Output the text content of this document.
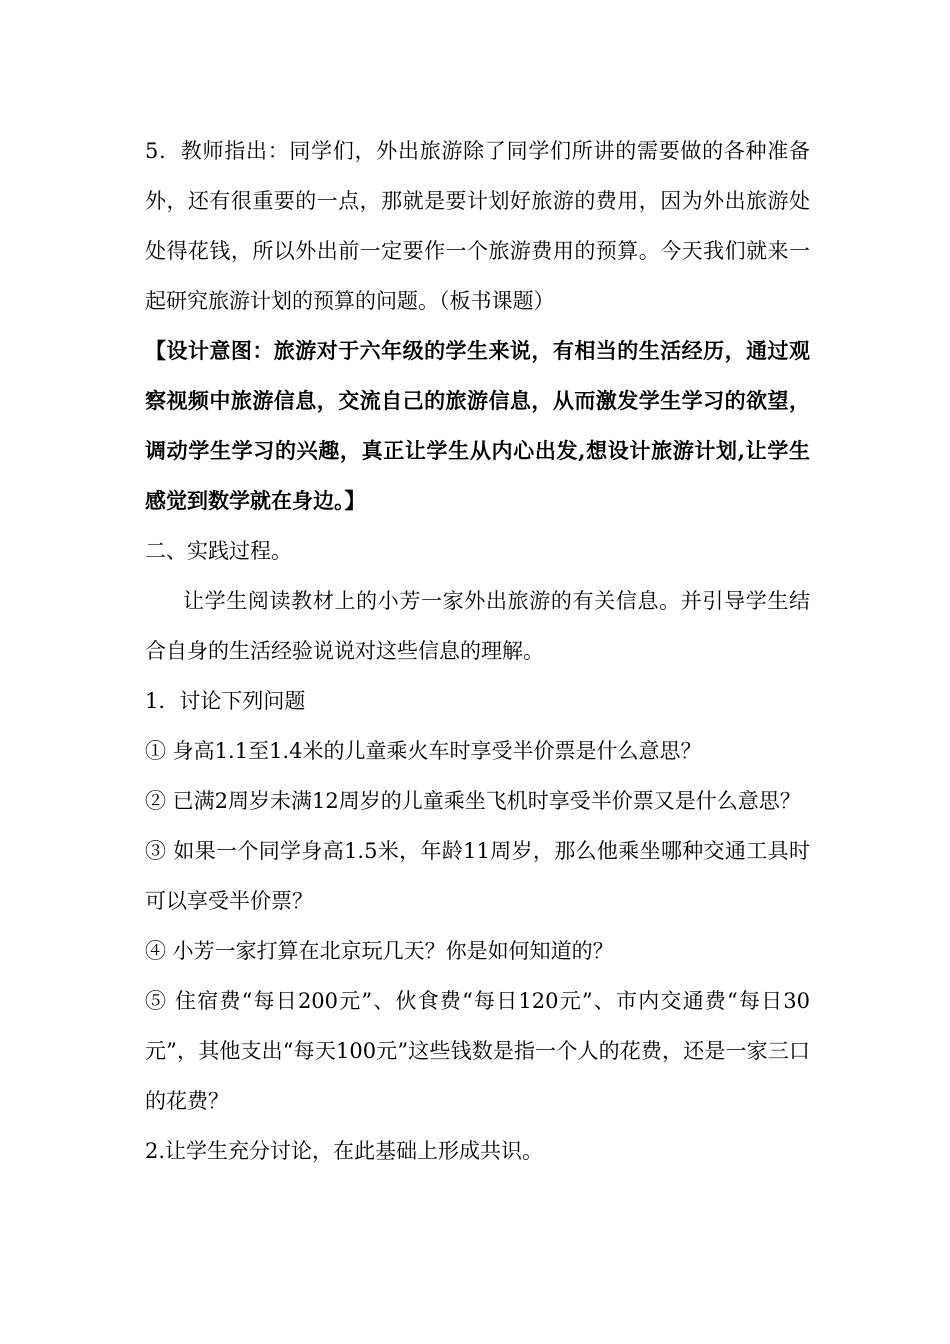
5．教师指出：同学们，外出旅游除了同学们所讲的需要做的各种准备外，还有很重要的一点，那就是要计划好旅游的费用，因为外出旅游处处得花钱，所以外出前一定要作一个旅游费用的预算。今天我们就来一起研究旅游计划的预算的问题。（板书课题）

【设计意图：旅游对于六年级的学生来说，有相当的生活经历，通过观察视频中旅游信息，交流自己的旅游信息，从而激发学生学习的欲望，调动学生学习的兴趣，真正让学生从内心出发,想设计旅游计划,让学生感觉到数学就在身边。】

二、实践过程。

让学生阅读教材上的小芳一家外出旅游的有关信息。并引导学生结合自身的生活经验说说对这些信息的理解。

1．讨论下列问题

① 身高1.1至1.4米的儿童乘火车时享受半价票是什么意思？

② 已满2周岁未满12周岁的儿童乘坐飞机时享受半价票又是什么意思？

③ 如果一个同学身高1.5米，年龄11周岁，那么他乘坐哪种交通工具时可以享受半价票？

④ 小芳一家打算在北京玩几天？你是如何知道的？

⑤ 住宿费“每日200元”、伙食费“每日120元”、市内交通费“每日30元”，其他支出“每天100元”这些钱数是指一个人的花费，还是一家三口的花费？

2.让学生充分讨论，在此基础上形成共识。
